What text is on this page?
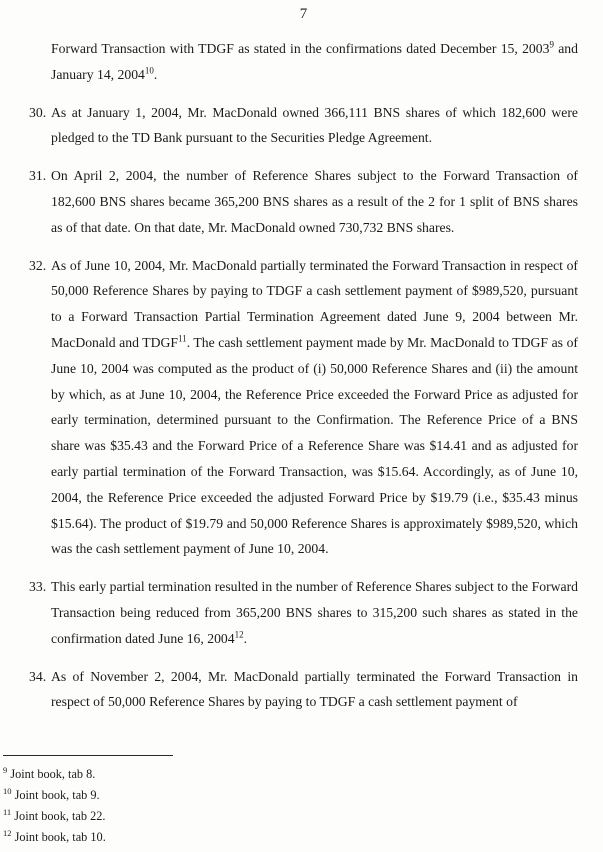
7
Forward Transaction with TDGF as stated in the confirmations dated December 15, 2003$^9$ and January 14, 2004$^{10}$.
30. As at January 1, 2004, Mr. MacDonald owned 366,111 BNS shares of which 182,600 were pledged to the TD Bank pursuant to the Securities Pledge Agreement.
31. On April 2, 2004, the number of Reference Shares subject to the Forward Transaction of 182,600 BNS shares became 365,200 BNS shares as a result of the 2 for 1 split of BNS shares as of that date. On that date, Mr. MacDonald owned 730,732 BNS shares.
32. As of June 10, 2004, Mr. MacDonald partially terminated the Forward Transaction in respect of 50,000 Reference Shares by paying to TDGF a cash settlement payment of $989,520, pursuant to a Forward Transaction Partial Termination Agreement dated June 9, 2004 between Mr. MacDonald and TDGF$^{11}$. The cash settlement payment made by Mr. MacDonald to TDGF as of June 10, 2004 was computed as the product of (i) 50,000 Reference Shares and (ii) the amount by which, as at June 10, 2004, the Reference Price exceeded the Forward Price as adjusted for early termination, determined pursuant to the Confirmation. The Reference Price of a BNS share was $35.43 and the Forward Price of a Reference Share was $14.41 and as adjusted for early partial termination of the Forward Transaction, was $15.64. Accordingly, as of June 10, 2004, the Reference Price exceeded the adjusted Forward Price by $19.79 (i.e., $35.43 minus $15.64). The product of $19.79 and 50,000 Reference Shares is approximately $989,520, which was the cash settlement payment of June 10, 2004.
33. This early partial termination resulted in the number of Reference Shares subject to the Forward Transaction being reduced from 365,200 BNS shares to 315,200 such shares as stated in the confirmation dated June 16, 2004$^{12}$.
34. As of November 2, 2004, Mr. MacDonald partially terminated the Forward Transaction in respect of 50,000 Reference Shares by paying to TDGF a cash settlement payment of
$^9$ Joint book, tab 8.
$^{10}$ Joint book, tab 9.
$^{11}$ Joint book, tab 22.
$^{12}$ Joint book, tab 10.
